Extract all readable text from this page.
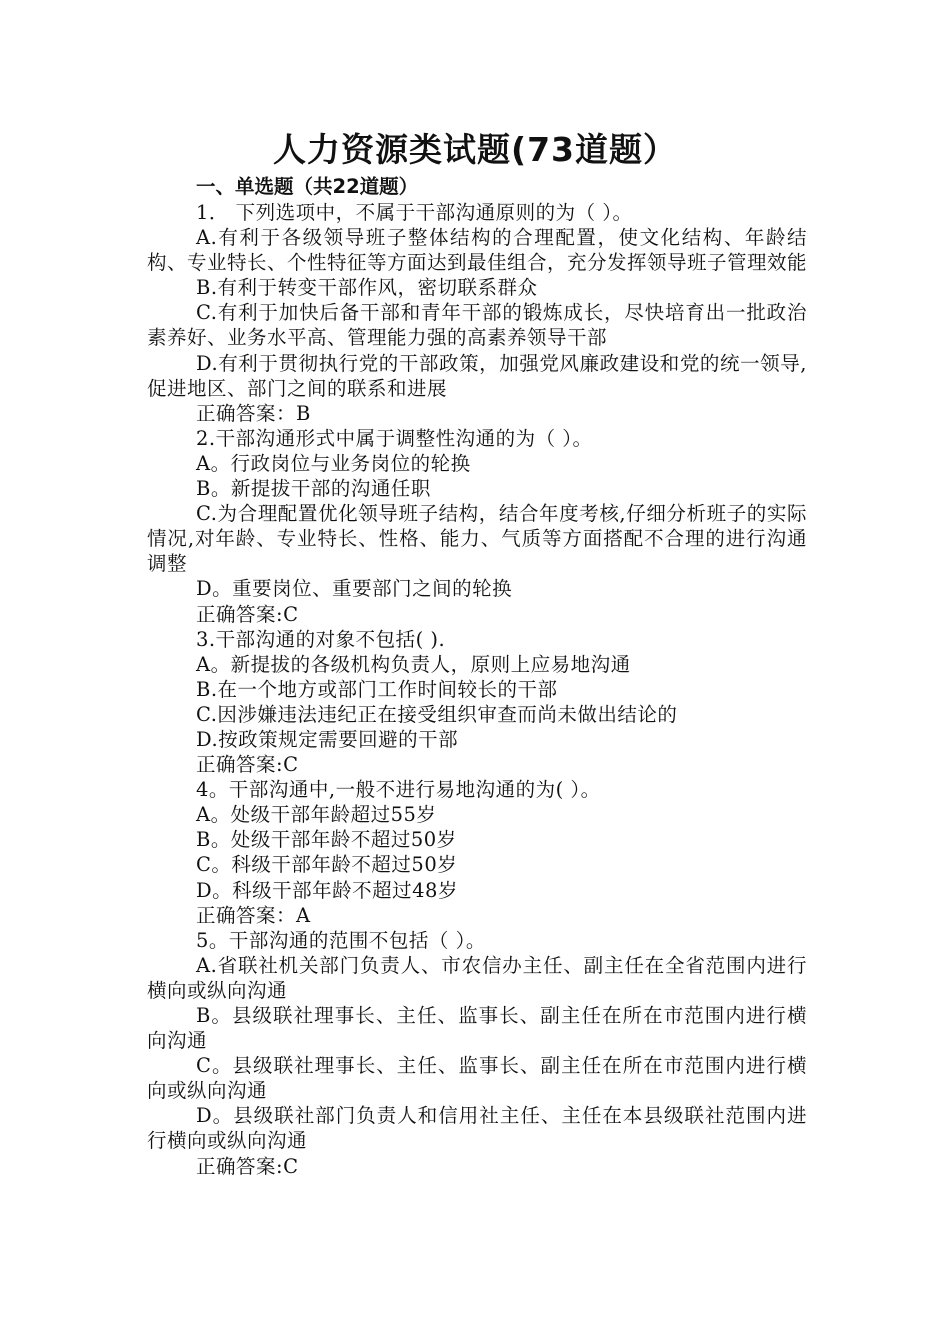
人力资源类试题(73道题）
一、单选题（共22道题）

1． 下列选项中，不属于干部沟通原则的为（ ）。

A.有利于各级领导班子整体结构的合理配置，使文化结构、年龄结构、专业特长、个性特征等方面达到最佳组合，充分发挥领导班子管理效能

B.有利于转变干部作风，密切联系群众

C.有利于加快后备干部和青年干部的锻炼成长，尽快培育出一批政治素养好、业务水平高、管理能力强的高素养领导干部

D.有利于贯彻执行党的干部政策，加强党风廉政建设和党的统一领导,促进地区、部门之间的联系和进展

正确答案：B

2.干部沟通形式中属于调整性沟通的为（ ）。

A。行政岗位与业务岗位的轮换

B。新提拔干部的沟通任职

C.为合理配置优化领导班子结构，结合年度考核,仔细分析班子的实际情况,对年龄、专业特长、性格、能力、气质等方面搭配不合理的进行沟通调整

D。重要岗位、重要部门之间的轮换

正确答案:C

3.干部沟通的对象不包括( ).

A。新提拔的各级机构负责人，原则上应易地沟通

B.在一个地方或部门工作时间较长的干部

C.因涉嫌违法违纪正在接受组织审查而尚未做出结论的

D.按政策规定需要回避的干部

正确答案:C

4。干部沟通中,一般不进行易地沟通的为( ）。

A。处级干部年龄超过55岁

B。处级干部年龄不超过50岁

C。科级干部年龄不超过50岁

D。科级干部年龄不超过48岁

正确答案：A

5。干部沟通的范围不包括（ ）。

A.省联社机关部门负责人、市农信办主任、副主任在全省范围内进行横向或纵向沟通

B。县级联社理事长、主任、监事长、副主任在所在市范围内进行横向沟通

C。县级联社理事长、主任、监事长、副主任在所在市范围内进行横向或纵向沟通

D。县级联社部门负责人和信用社主任、主任在本县级联社范围内进行横向或纵向沟通

正确答案:C
